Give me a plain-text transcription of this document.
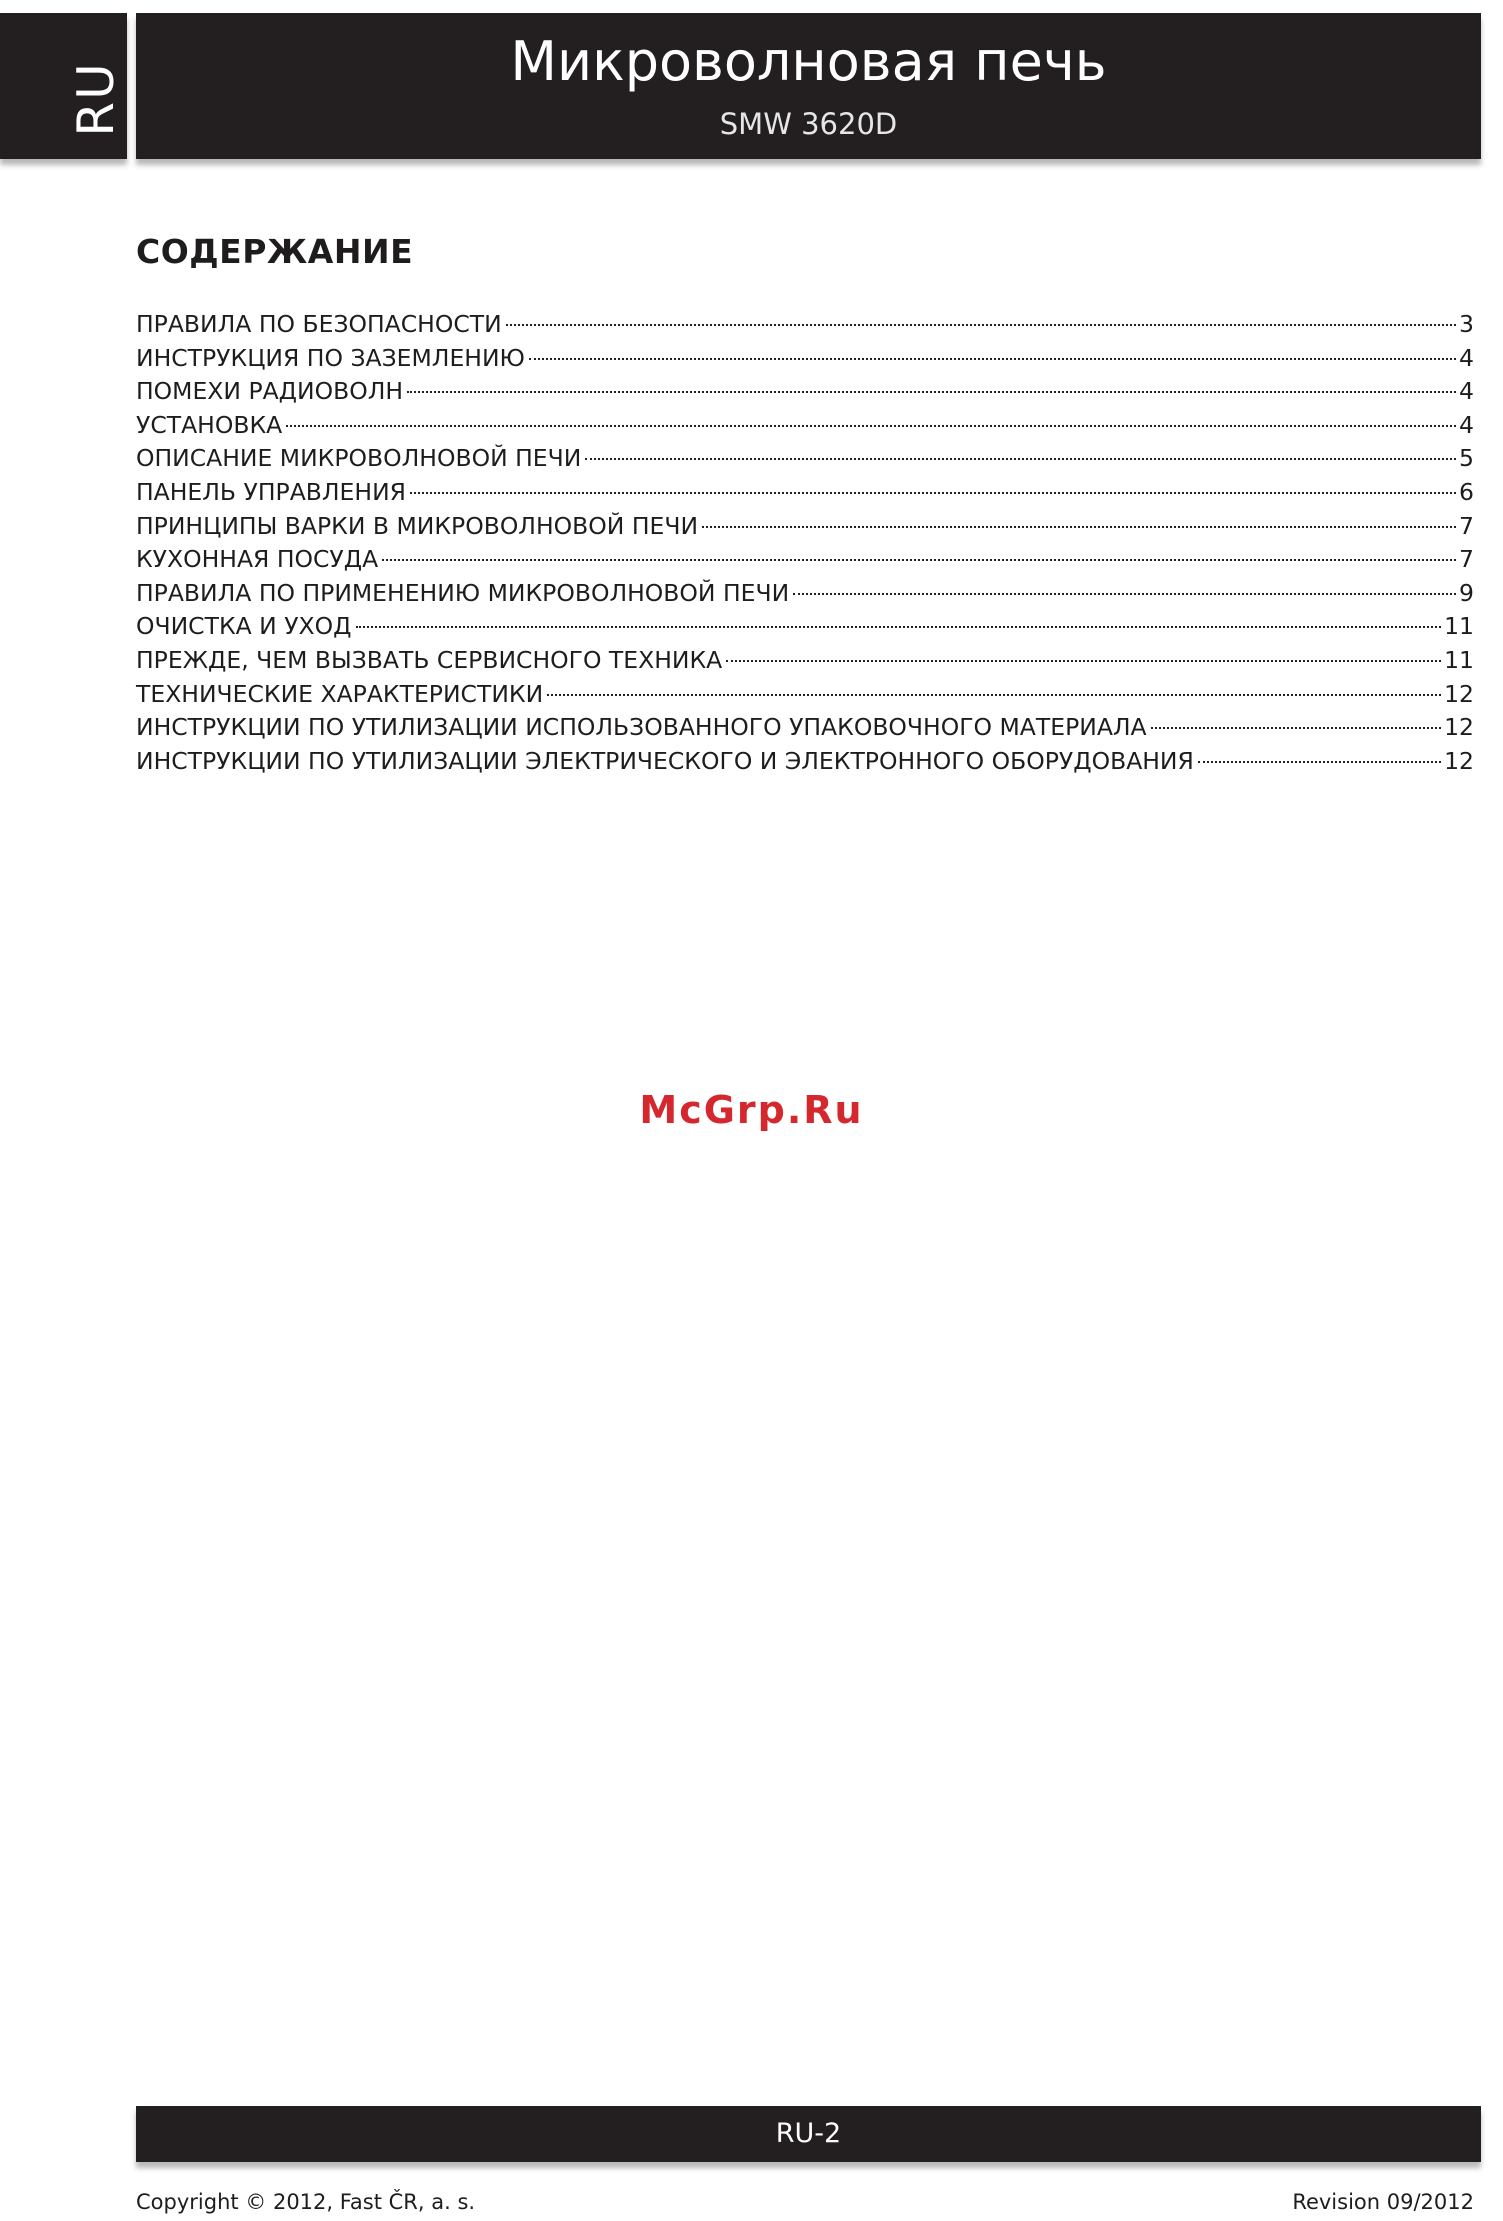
RU	Микроволновая печь
SMW 3620D
СОДЕРЖАНИЕ
ПРАВИЛА ПО БЕЗОПАСНОСТИ	3
ИНСТРУКЦИЯ ПО ЗАЗЕМЛЕНИЮ	4
ПОМЕХИ РАДИОВОЛН	4
УСТАНОВКА	4
ОПИСАНИЕ МИКРОВОЛНОВОЙ ПЕЧИ	5
ПАНЕЛЬ УПРАВЛЕНИЯ	6
ПРИНЦИПЫ ВАРКИ В МИКРОВОЛНОВОЙ ПЕЧИ	7
КУХОННАЯ ПОСУДА	7
ПРАВИЛА ПО ПРИМЕНЕНИЮ МИКРОВОЛНОВОЙ ПЕЧИ	9
ОЧИСТКА И УХОД	11
ПРЕЖДЕ, ЧЕМ ВЫЗВАТЬ СЕРВИСНОГО ТЕХНИКА	11
ТЕХНИЧЕСКИЕ ХАРАКТЕРИСТИКИ	12
ИНСТРУКЦИИ ПО УТИЛИЗАЦИИ ИСПОЛЬЗОВАННОГО УПАКОВОЧНОГО МАТЕРИАЛА	12
ИНСТРУКЦИИ ПО УТИЛИЗАЦИИ ЭЛЕКТРИЧЕСКОГО И ЭЛЕКТРОННОГО ОБОРУДОВАНИЯ	12
McGrp.Ru
RU-2
Copyright © 2012, Fast ČR, a. s.	Revision 09/2012
